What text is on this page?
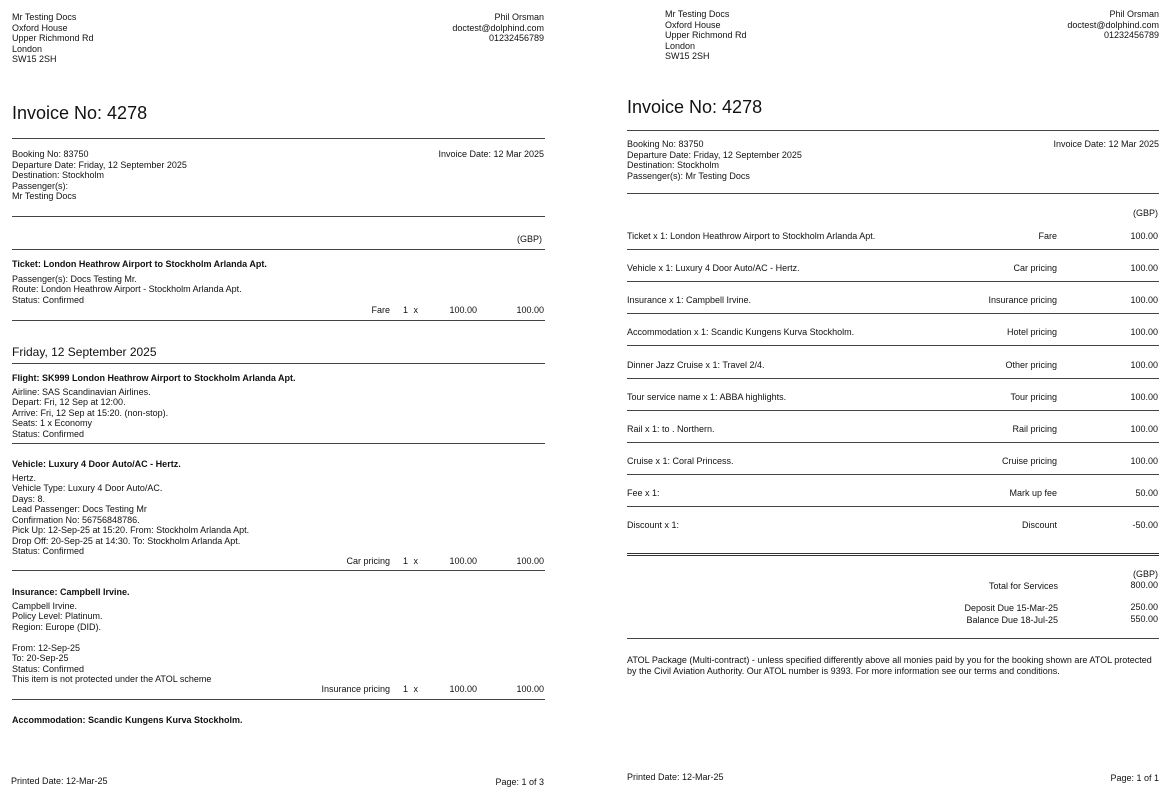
Mr Testing Docs
Oxford House
Upper Richmond Rd
London
SW15 2SH
Phil Orsman
doctest@dolphind.com
01232456789
Invoice No: 4278
Booking No: 83750
Departure Date: Friday, 12 September 2025
Destination: Stockholm
Passenger(s):
Mr Testing Docs
Invoice Date: 12 Mar 2025
(GBP)
Ticket: London Heathrow Airport to Stockholm Arlanda Apt.
Passenger(s): Docs Testing Mr.
Route: London Heathrow Airport - Stockholm Arlanda Apt.
Status: Confirmed
Fare 1 x	100.00	100.00
Friday, 12 September 2025
Flight: SK999 London Heathrow Airport to Stockholm Arlanda Apt.
Airline: SAS Scandinavian Airlines.
Depart: Fri, 12 Sep at 12:00.
Arrive: Fri, 12 Sep at 15:20. (non-stop).
Seats: 1 x Economy
Status: Confirmed
Vehicle: Luxury 4 Door Auto/AC - Hertz.
Hertz.
Vehicle Type: Luxury 4 Door Auto/AC.
Days: 8.
Lead Passenger: Docs Testing Mr
Confirmation No: 56756848786.
Pick Up: 12-Sep-25 at 15:20. From: Stockholm Arlanda Apt.
Drop Off: 20-Sep-25 at 14:30. To: Stockholm Arlanda Apt.
Status: Confirmed
Car pricing 1 x	100.00	100.00
Insurance: Campbell Irvine.
Campbell Irvine.
Policy Level: Platinum.
Region: Europe (DID).
From: 12-Sep-25
To: 20-Sep-25
Status: Confirmed
This item is not protected under the ATOL scheme
Insurance pricing 1 x	100.00	100.00
Accommodation: Scandic Kungens Kurva Stockholm.
Printed Date: 12-Mar-25	Page: 1 of 3
Mr Testing Docs
Oxford House
Upper Richmond Rd
London
SW15 2SH
Phil Orsman
doctest@dolphind.com
01232456789
Invoice No: 4278
Booking No: 83750
Departure Date: Friday, 12 September 2025
Destination: Stockholm
Passenger(s): Mr Testing Docs
Invoice Date: 12 Mar 2025
(GBP)
Ticket x 1: London Heathrow Airport to Stockholm Arlanda Apt.	Fare	100.00
Vehicle x 1: Luxury 4 Door Auto/AC - Hertz.	Car pricing	100.00
Insurance x 1: Campbell Irvine.	Insurance pricing	100.00
Accommodation x 1: Scandic Kungens Kurva Stockholm.	Hotel pricing	100.00
Dinner Jazz Cruise x 1: Travel 2/4.	Other pricing	100.00
Tour service name x 1: ABBA highlights.	Tour pricing	100.00
Rail x 1: to . Northern.	Rail pricing	100.00
Cruise x 1: Coral Princess.	Cruise pricing	100.00
Fee x 1:	Mark up fee	50.00
Discount x 1:	Discount	-50.00
(GBP)
Total for Services	800.00
Deposit Due 15-Mar-25	250.00
Balance Due 18-Jul-25	550.00
ATOL Package (Multi-contract) - unless specified differently above all monies paid by you for the booking shown are ATOL protected by the Civil Aviation Authority. Our ATOL number is 9393. For more information see our terms and conditions.
Printed Date: 12-Mar-25	Page: 1 of 1
